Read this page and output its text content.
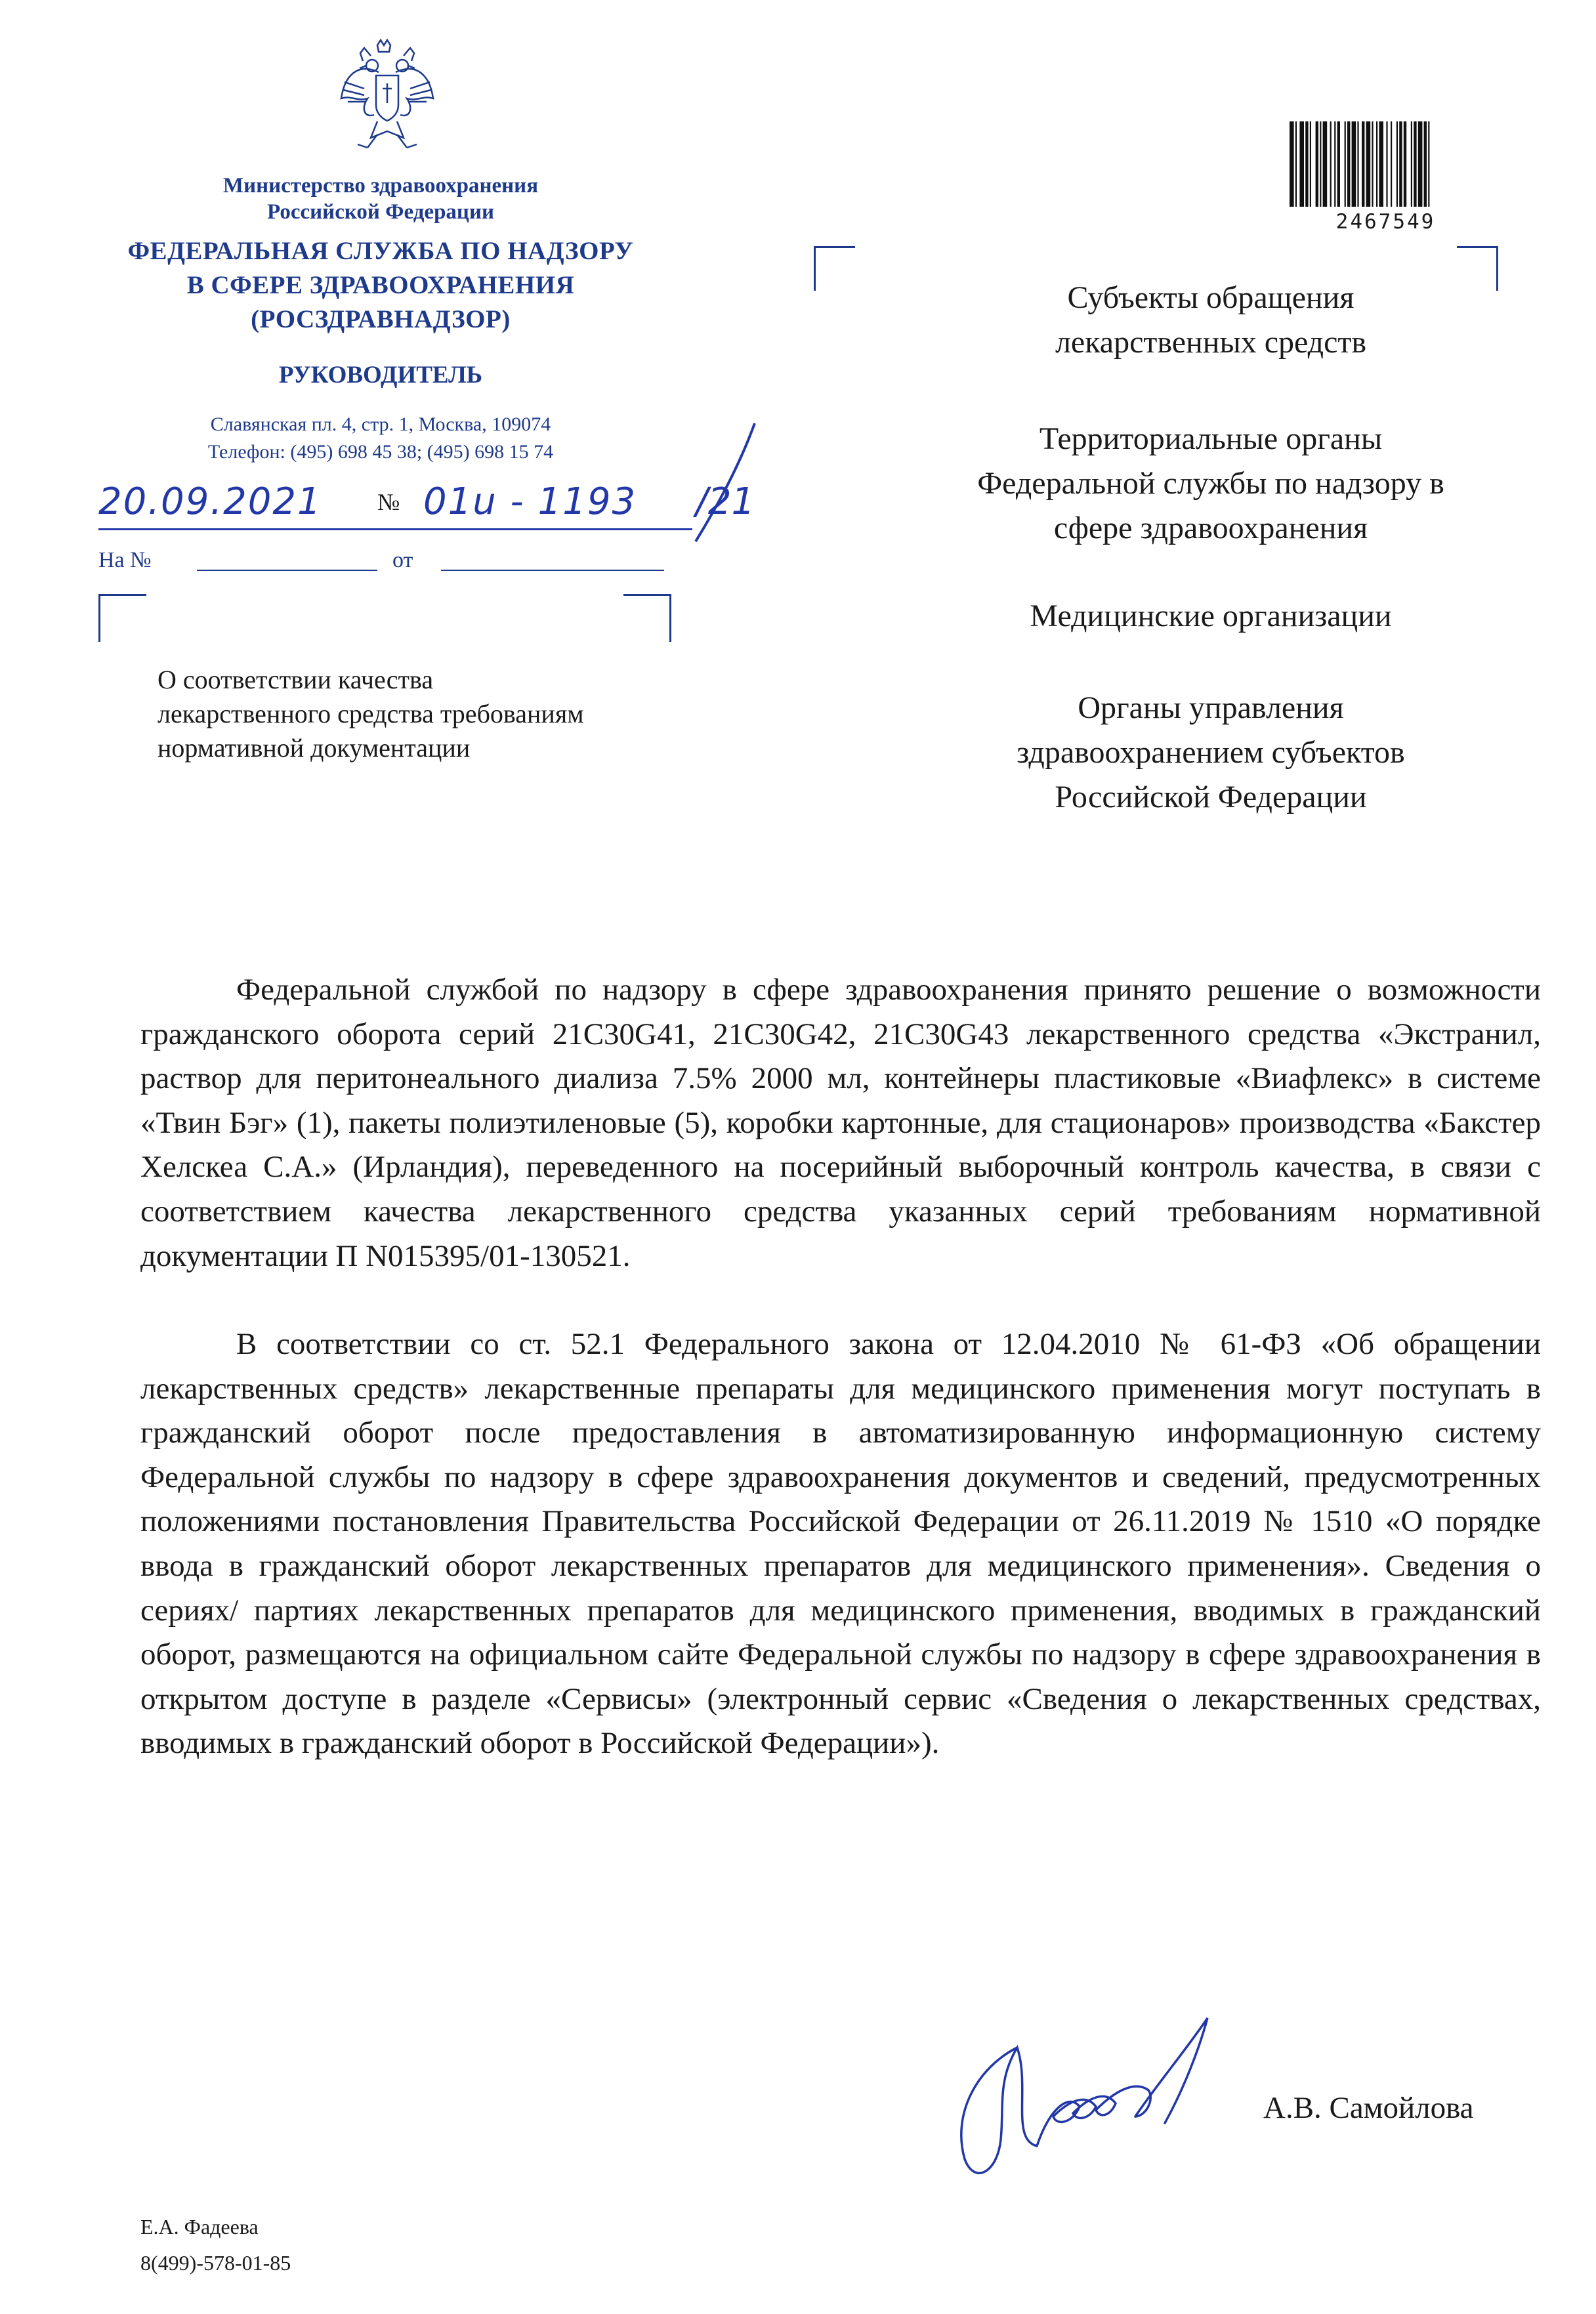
Министерство здравоохранения
Российской Федерации
ФЕДЕРАЛЬНАЯ СЛУЖБА ПО НАДЗОРУ
В СФЕРЕ ЗДРАВООХРАНЕНИЯ
(РОСЗДРАВНАДЗОР)
РУКОВОДИТЕЛЬ
Славянская пл. 4, стр. 1, Москва, 109074
Телефон: (495) 698 45 38; (495) 698 15 74
20.09.2021 № 01u - 1193 /21
На №	от
О соответствии качества
лекарственного средства требованиям
нормативной документации
2467549
Субъекты обращения
лекарственных средств
Территориальные органы
Федеральной службы по надзору в
сфере здравоохранения
Медицинские организации
Органы управления
здравоохранением субъектов
Российской Федерации
Федеральной службой по надзору в сфере здравоохранения принято решение о возможности гражданского оборота серий 21C30G41, 21C30G42, 21C30G43 лекарственного средства «Экстранил, раствор для перитонеального диализа 7.5% 2000 мл, контейнеры пластиковые «Виафлекс» в системе «Твин Бэг» (1), пакеты полиэтиленовые (5), коробки картонные, для стационаров» производства «Бакстер Хелскеа С.А.» (Ирландия), переведенного на посерийный выборочный контроль качества, в связи с соответствием качества лекарственного средства указанных серий требованиям нормативной документации П N015395/01-130521.
В соответствии со ст. 52.1 Федерального закона от 12.04.2010 № 61-ФЗ «Об обращении лекарственных средств» лекарственные препараты для медицинского применения могут поступать в гражданский оборот после предоставления в автоматизированную информационную систему Федеральной службы по надзору в сфере здравоохранения документов и сведений, предусмотренных положениями постановления Правительства Российской Федерации от 26.11.2019 № 1510 «О порядке ввода в гражданский оборот лекарственных препаратов для медицинского применения». Сведения о сериях/ партиях лекарственных препаратов для медицинского применения, вводимых в гражданский оборот, размещаются на официальном сайте Федеральной службы по надзору в сфере здравоохранения в открытом доступе в разделе «Сервисы» (электронный сервис «Сведения о лекарственных средствах, вводимых в гражданский оборот в Российской Федерации»).
А.В. Самойлова
Е.А. Фадеева
8(499)-578-01-85
